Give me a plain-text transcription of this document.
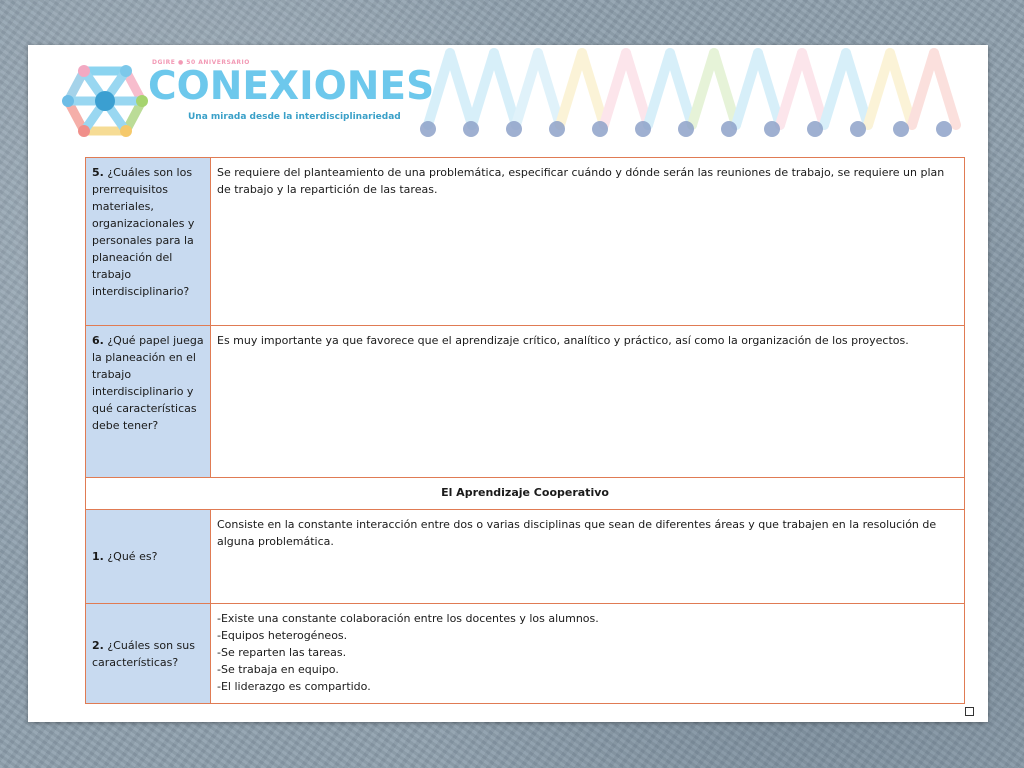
DGIRE ● 50 ANIVERSARIO
CONEXIONES
Una mirada desde la interdisciplinariedad
5. ¿Cuáles son los prerrequisitos materiales, organizacionales y personales para la planeación del trabajo interdisciplinario?	Se requiere del planteamiento de una problemática, especificar cuándo y dónde serán las reuniones de trabajo, se requiere un plan de trabajo y la repartición de las tareas.
6. ¿Qué papel juega la planeación en el trabajo interdisciplinario y qué características debe tener?	Es muy importante ya que favorece que el aprendizaje crítico, analítico y práctico, así como la organización de los proyectos.
El Aprendizaje Cooperativo	
1. ¿Qué es?	Consiste en la constante interacción entre dos o varias disciplinas que sean de diferentes áreas y que trabajen en la resolución de alguna problemática.
2. ¿Cuáles son sus características?	-Existe una constante colaboración entre los docentes y los alumnos.
-Equipos heterogéneos.
-Se reparten las tareas.
-Se trabaja en equipo.
-El liderazgo es compartido.
